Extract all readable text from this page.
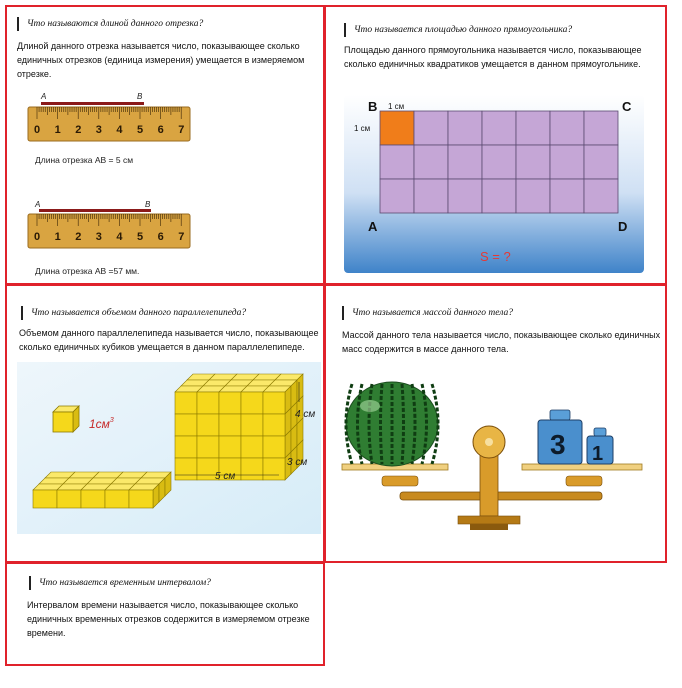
Что называются длиной данного отрезка?
Длиной данного отрезка называется число, показывающее сколько единичных отрезков (единица измерения) умещается в измеряемом отрезке.
A	B
0 1 2 3 4 5 6 7
Длина отрезка АВ = 5 см
A	B
0 1 2 3 4 5 6 7
Длина отрезка АВ =57 мм.
Что называется площадью данного прямоугольника?
Площадью данного прямоугольника называется число, показывающее сколько единичных квадратиков умещается в данном прямоугольнике.
B	C
A	D
1 см
1 см
S = ?
Что называется объемом данного параллелепипеда?
Объемом данного параллелепипеда называется число, показывающее сколько единичных кубиков умещается в данном параллелепипеде.
$1см^3$
4 см
3 см
5 см
Что называется массой данного тела?
Массой данного тела называется число, показывающее сколько единичных масс содержится в массе данного тела.
3 1
Что называется временным интервалом?
Интервалом времени называется число, показывающее сколько единичных временных отрезков содержится в измеряемом отрезке времени.
